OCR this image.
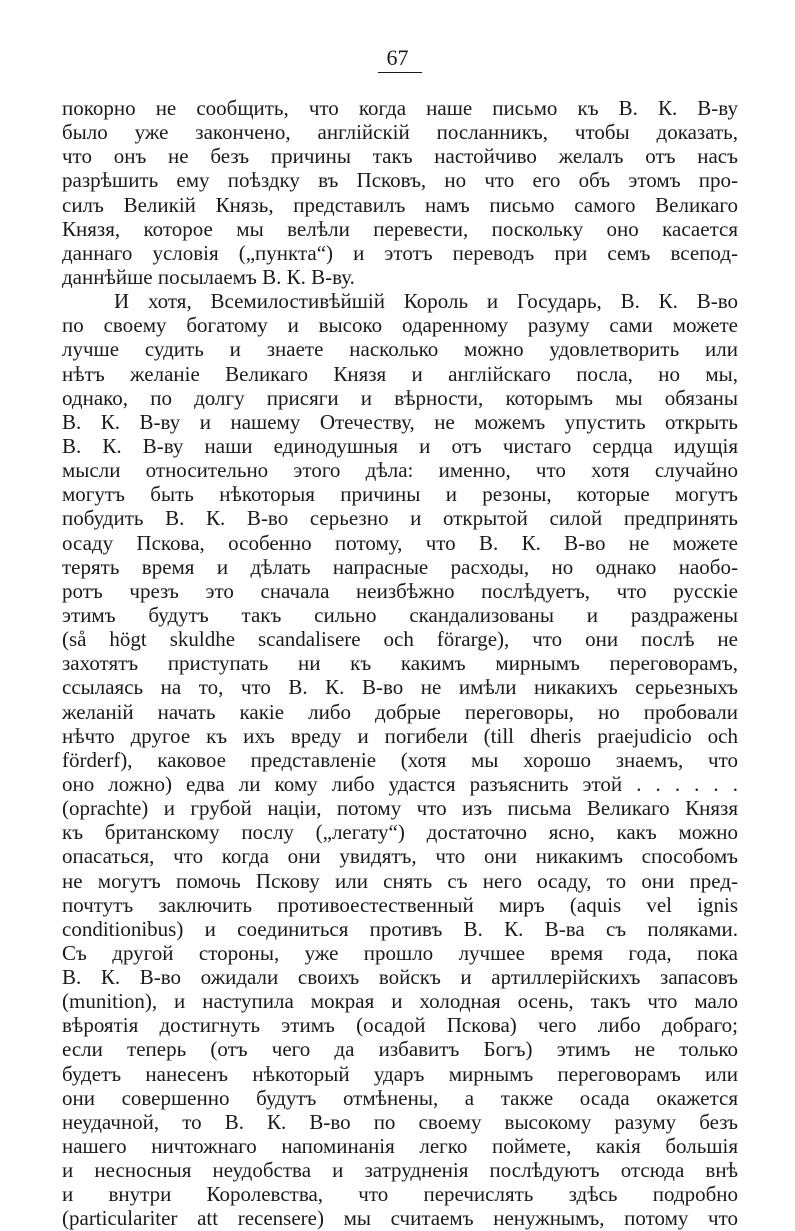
67
покорно не сообщить, что когда наше письмо къ В. К. В-ву
было уже закончено, англійскій посланникъ, чтобы доказать,
что онъ не безъ причины такъ настойчиво желалъ отъ насъ
разрѣшить ему поѣздку въ Псковъ, но что его объ этомъ про-
силъ Великій Князь, представилъ намъ письмо самого Великаго
Князя, которое мы велѣли перевести, поскольку оно касается
даннаго условія („пункта“) и этотъ переводъ при семъ всепод-
даннѣйше посылаемъ В. К. В-ву.
И хотя, Всемилостивѣйшій Король и Государь, В. К. В-во
по своему богатому и высоко одаренному разуму сами можете
лучше судить и знаете насколько можно удовлетворить или
нѣтъ желаніе Великаго Князя и англійскаго посла, но мы,
однако, по долгу присяги и вѣрности, которымъ мы обязаны
В. К. В-ву и нашему Отечеству, не можемъ упустить открыть
В. К. В-ву наши единодушныя и отъ чистаго сердца идущія
мысли относительно этого дѣла: именно, что хотя случайно
могутъ быть нѣкоторыя причины и резоны, которые могутъ
побудить В. К. В-во серьезно и открытой силой предпринять
осаду Пскова, особенно потому, что В. К. В-во не можете
терять время и дѣлать напрасные расходы, но однако наобо-
ротъ чрезъ это сначала неизбѣжно послѣдуетъ, что русскіе
этимъ будутъ такъ сильно скандализованы и раздражены
(så högt skuldhe scandalisere och förarge), что они послѣ не
захотятъ приступать ни къ какимъ мирнымъ переговорамъ,
ссылаясь на то, что В. К. В-во не имѣли никакихъ серьезныхъ
желаній начать какіе либо добрые переговоры, но пробовали
нѣчто другое къ ихъ вреду и погибели (till dheris praejudicio och
förderf), каковое представленіе (хотя мы хорошо знаемъ, что
оно ложно) едва ли кому либо удастся разъяснить этой . . . . . .
(oprachte) и грубой націи, потому что изъ письма Великаго Князя
къ британскому послу („легату“) достаточно ясно, какъ можно
опасаться, что когда они увидятъ, что они никакимъ способомъ
не могутъ помочь Пскову или снять съ него осаду, то они пред-
почтутъ заключить противоестественный миръ (aquis vel ignis
conditionibus) и соединиться противъ В. К. В-ва съ поляками.
Съ другой стороны, уже прошло лучшее время года, пока
В. К. В-во ожидали своихъ войскъ и артиллерійскихъ запасовъ
(munition), и наступила мокрая и холодная осень, такъ что мало
вѣроятія достигнуть этимъ (осадой Пскова) чего либо добраго;
если теперь (отъ чего да избавитъ Богъ) этимъ не только
будетъ нанесенъ нѣкоторый ударъ мирнымъ переговорамъ или
они совершенно будутъ отмѣнены, а также осада окажется
неудачной, то В. К. В-во по своему высокому разуму безъ
нашего ничтожнаго напоминанія легко поймете, какія большія
и несносныя неудобства и затрудненія послѣдуютъ отсюда внѣ
и внутри Королевства, что перечислять здѣсь подробно
(particulariter att recensere) мы считаемъ ненужнымъ, потому что
